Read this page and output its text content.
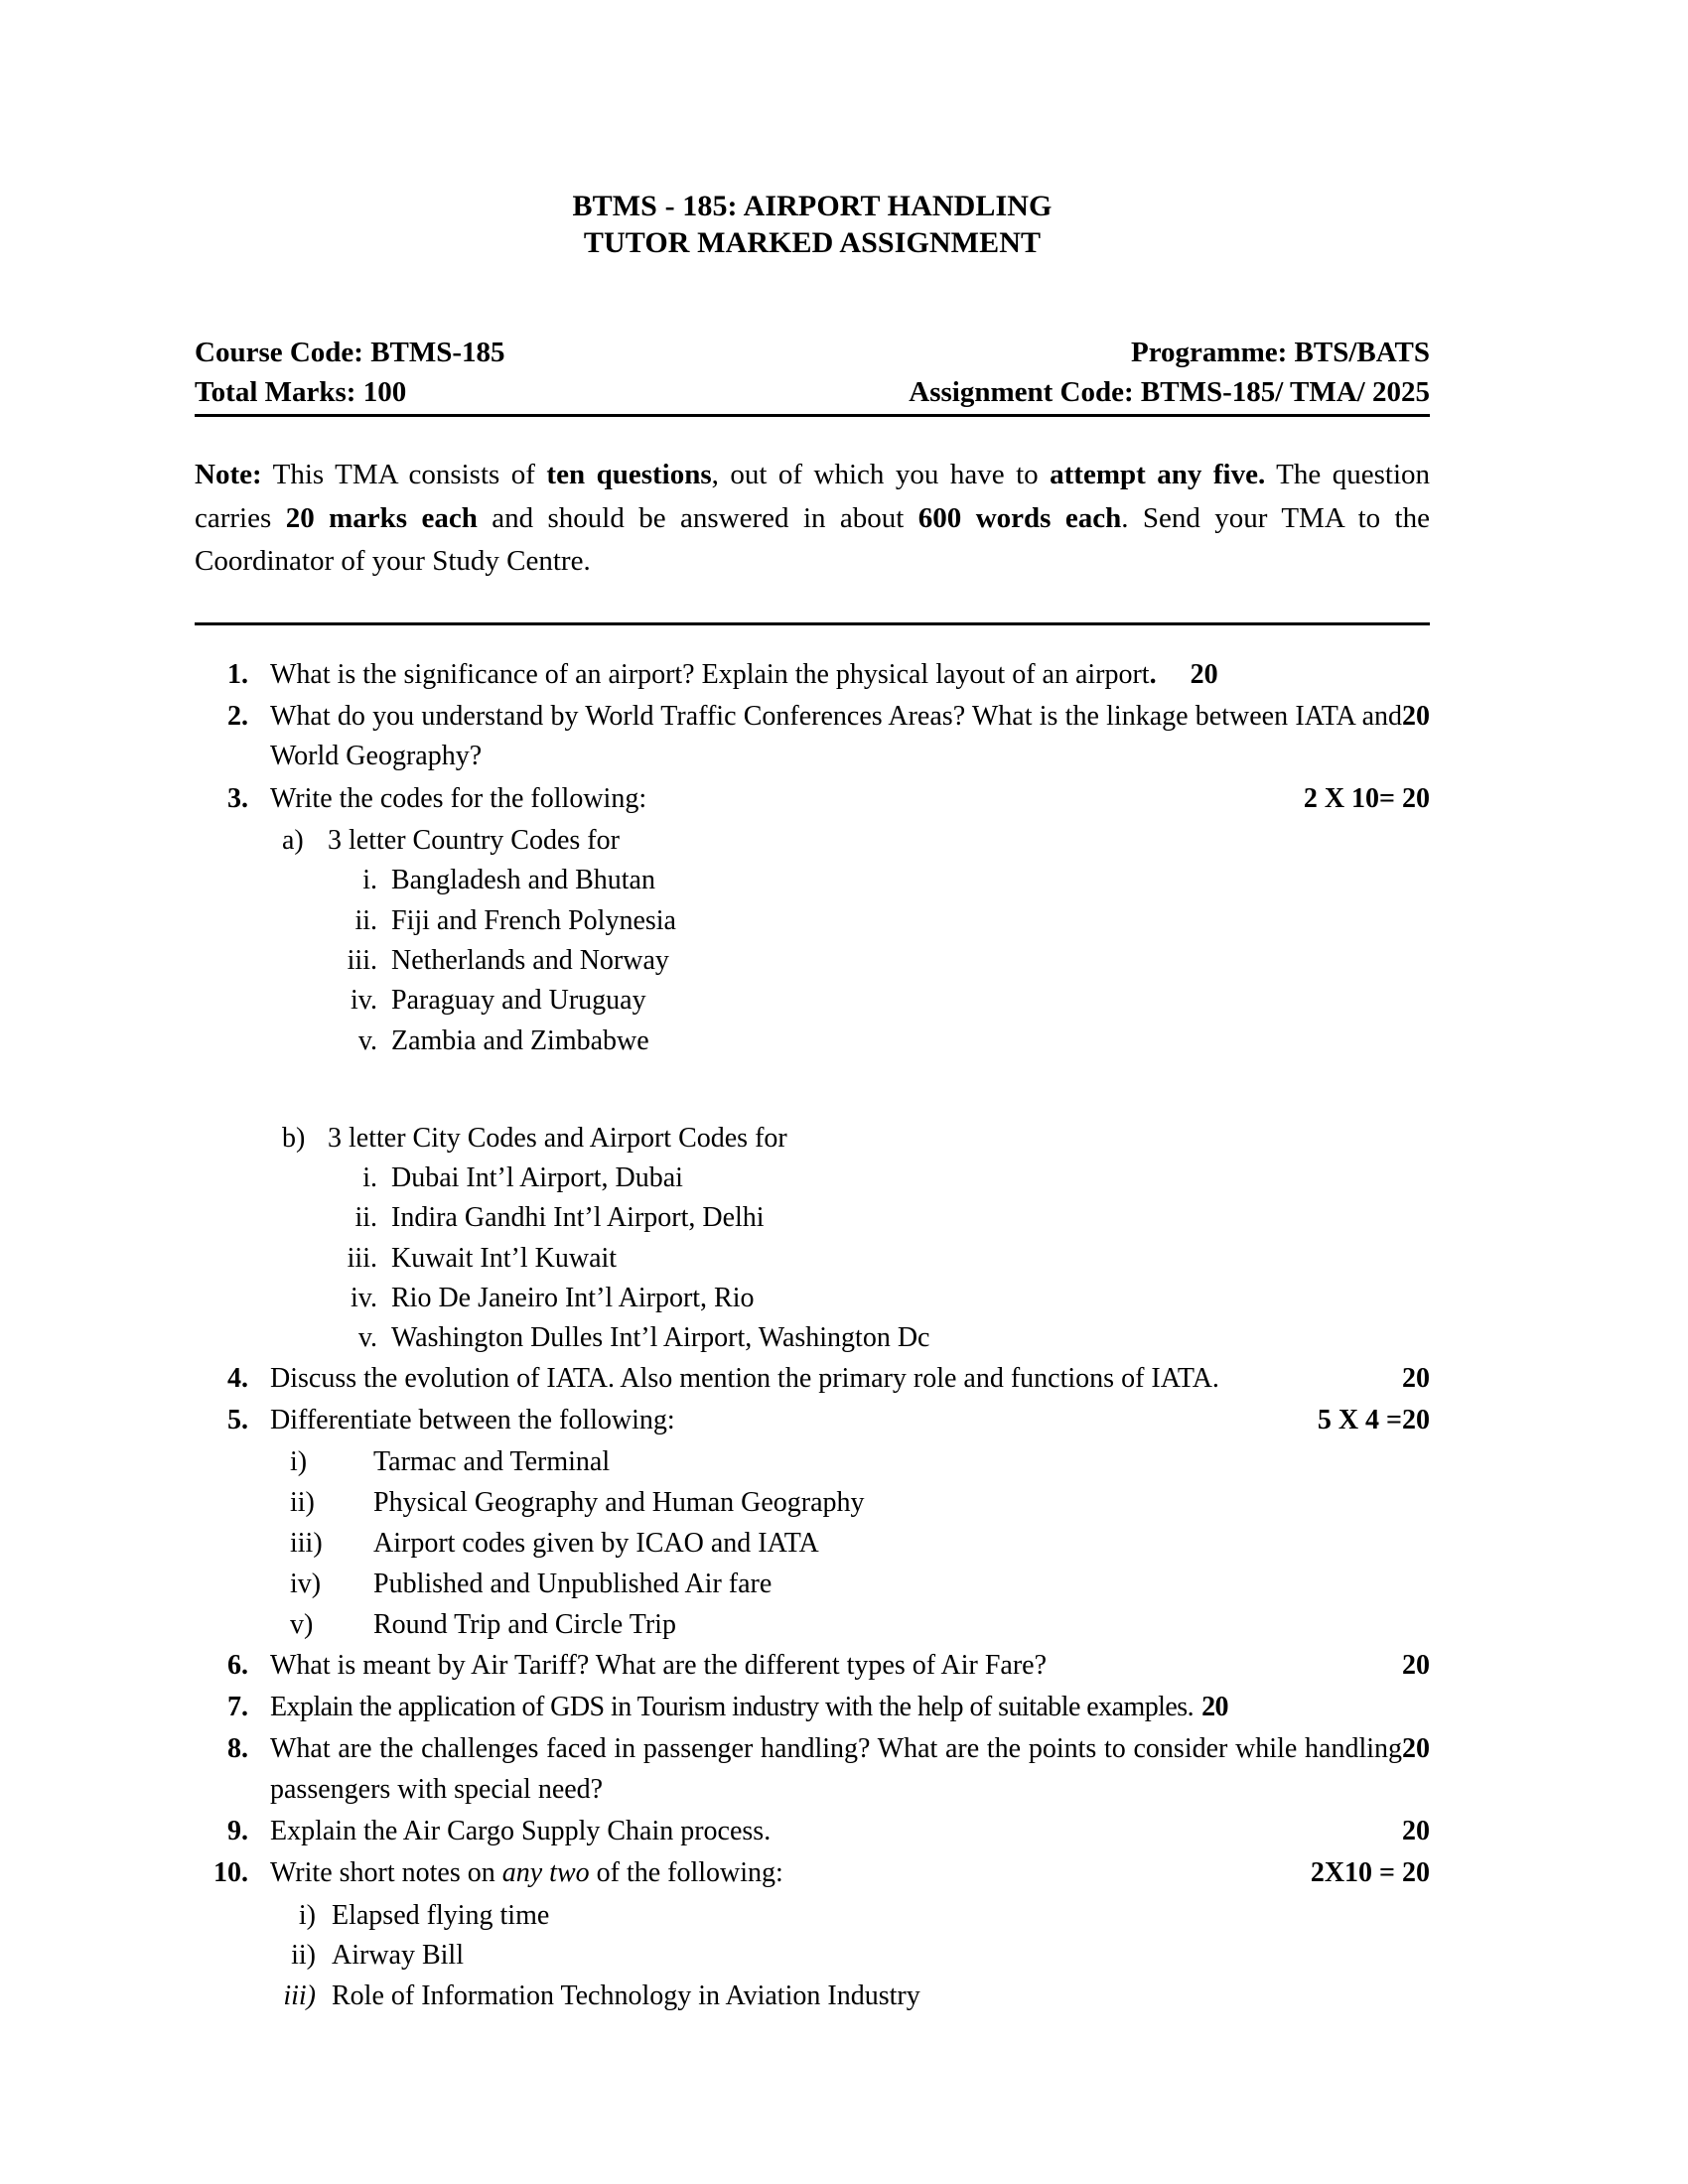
BTMS - 185: AIRPORT HANDLING
TUTOR MARKED ASSIGNMENT
Course Code: BTMS-185	Programme: BTS/BATS
Total Marks: 100	Assignment Code: BTMS-185/ TMA/ 2025

Note: This TMA consists of ten questions, out of which you have to attempt any five. The question carries 20 marks each and should be answered in about 600 words each. Send your TMA to the Coordinator of your Study Centre.

1. What is the significance of an airport? Explain the physical layout of an airport. 20
2.	20
What do you understand by World Traffic Conferences Areas? What is the linkage between IATA and World Geography?
3. Write the codes for the following:	2 X 10= 20
a) 3 letter Country Codes for
i. Bangladesh and Bhutan
ii. Fiji and French Polynesia
iii. Netherlands and Norway
iv. Paraguay and Uruguay
v. Zambia and Zimbabwe
b) 3 letter City Codes and Airport Codes for
i. Dubai Int’l Airport, Dubai
ii. Indira Gandhi Int’l Airport, Delhi
iii. Kuwait Int’l Kuwait
iv. Rio De Janeiro Int’l Airport, Rio
v. Washington Dulles Int’l Airport, Washington Dc
4. Discuss the evolution of IATA. Also mention the primary role and functions of IATA.	20
5. Differentiate between the following:	5 X 4 =20
i)	Tarmac and Terminal
ii)	Physical Geography and Human Geography
iii)	Airport codes given by ICAO and IATA
iv)	Published and Unpublished Air fare
v)	Round Trip and Circle Trip
6. What is meant by Air Tariff? What are the different types of Air Fare?	20
7. Explain the application of GDS in Tourism industry with the help of suitable examples. 20
8.	20
What are the challenges faced in passenger handling? What are the points to consider while handling passengers with special need?
9. Explain the Air Cargo Supply Chain process.	20
10. Write short notes on any two of the following:	2X10 = 20
i) Elapsed flying time
ii) Airway Bill
iii) Role of Information Technology in Aviation Industry
